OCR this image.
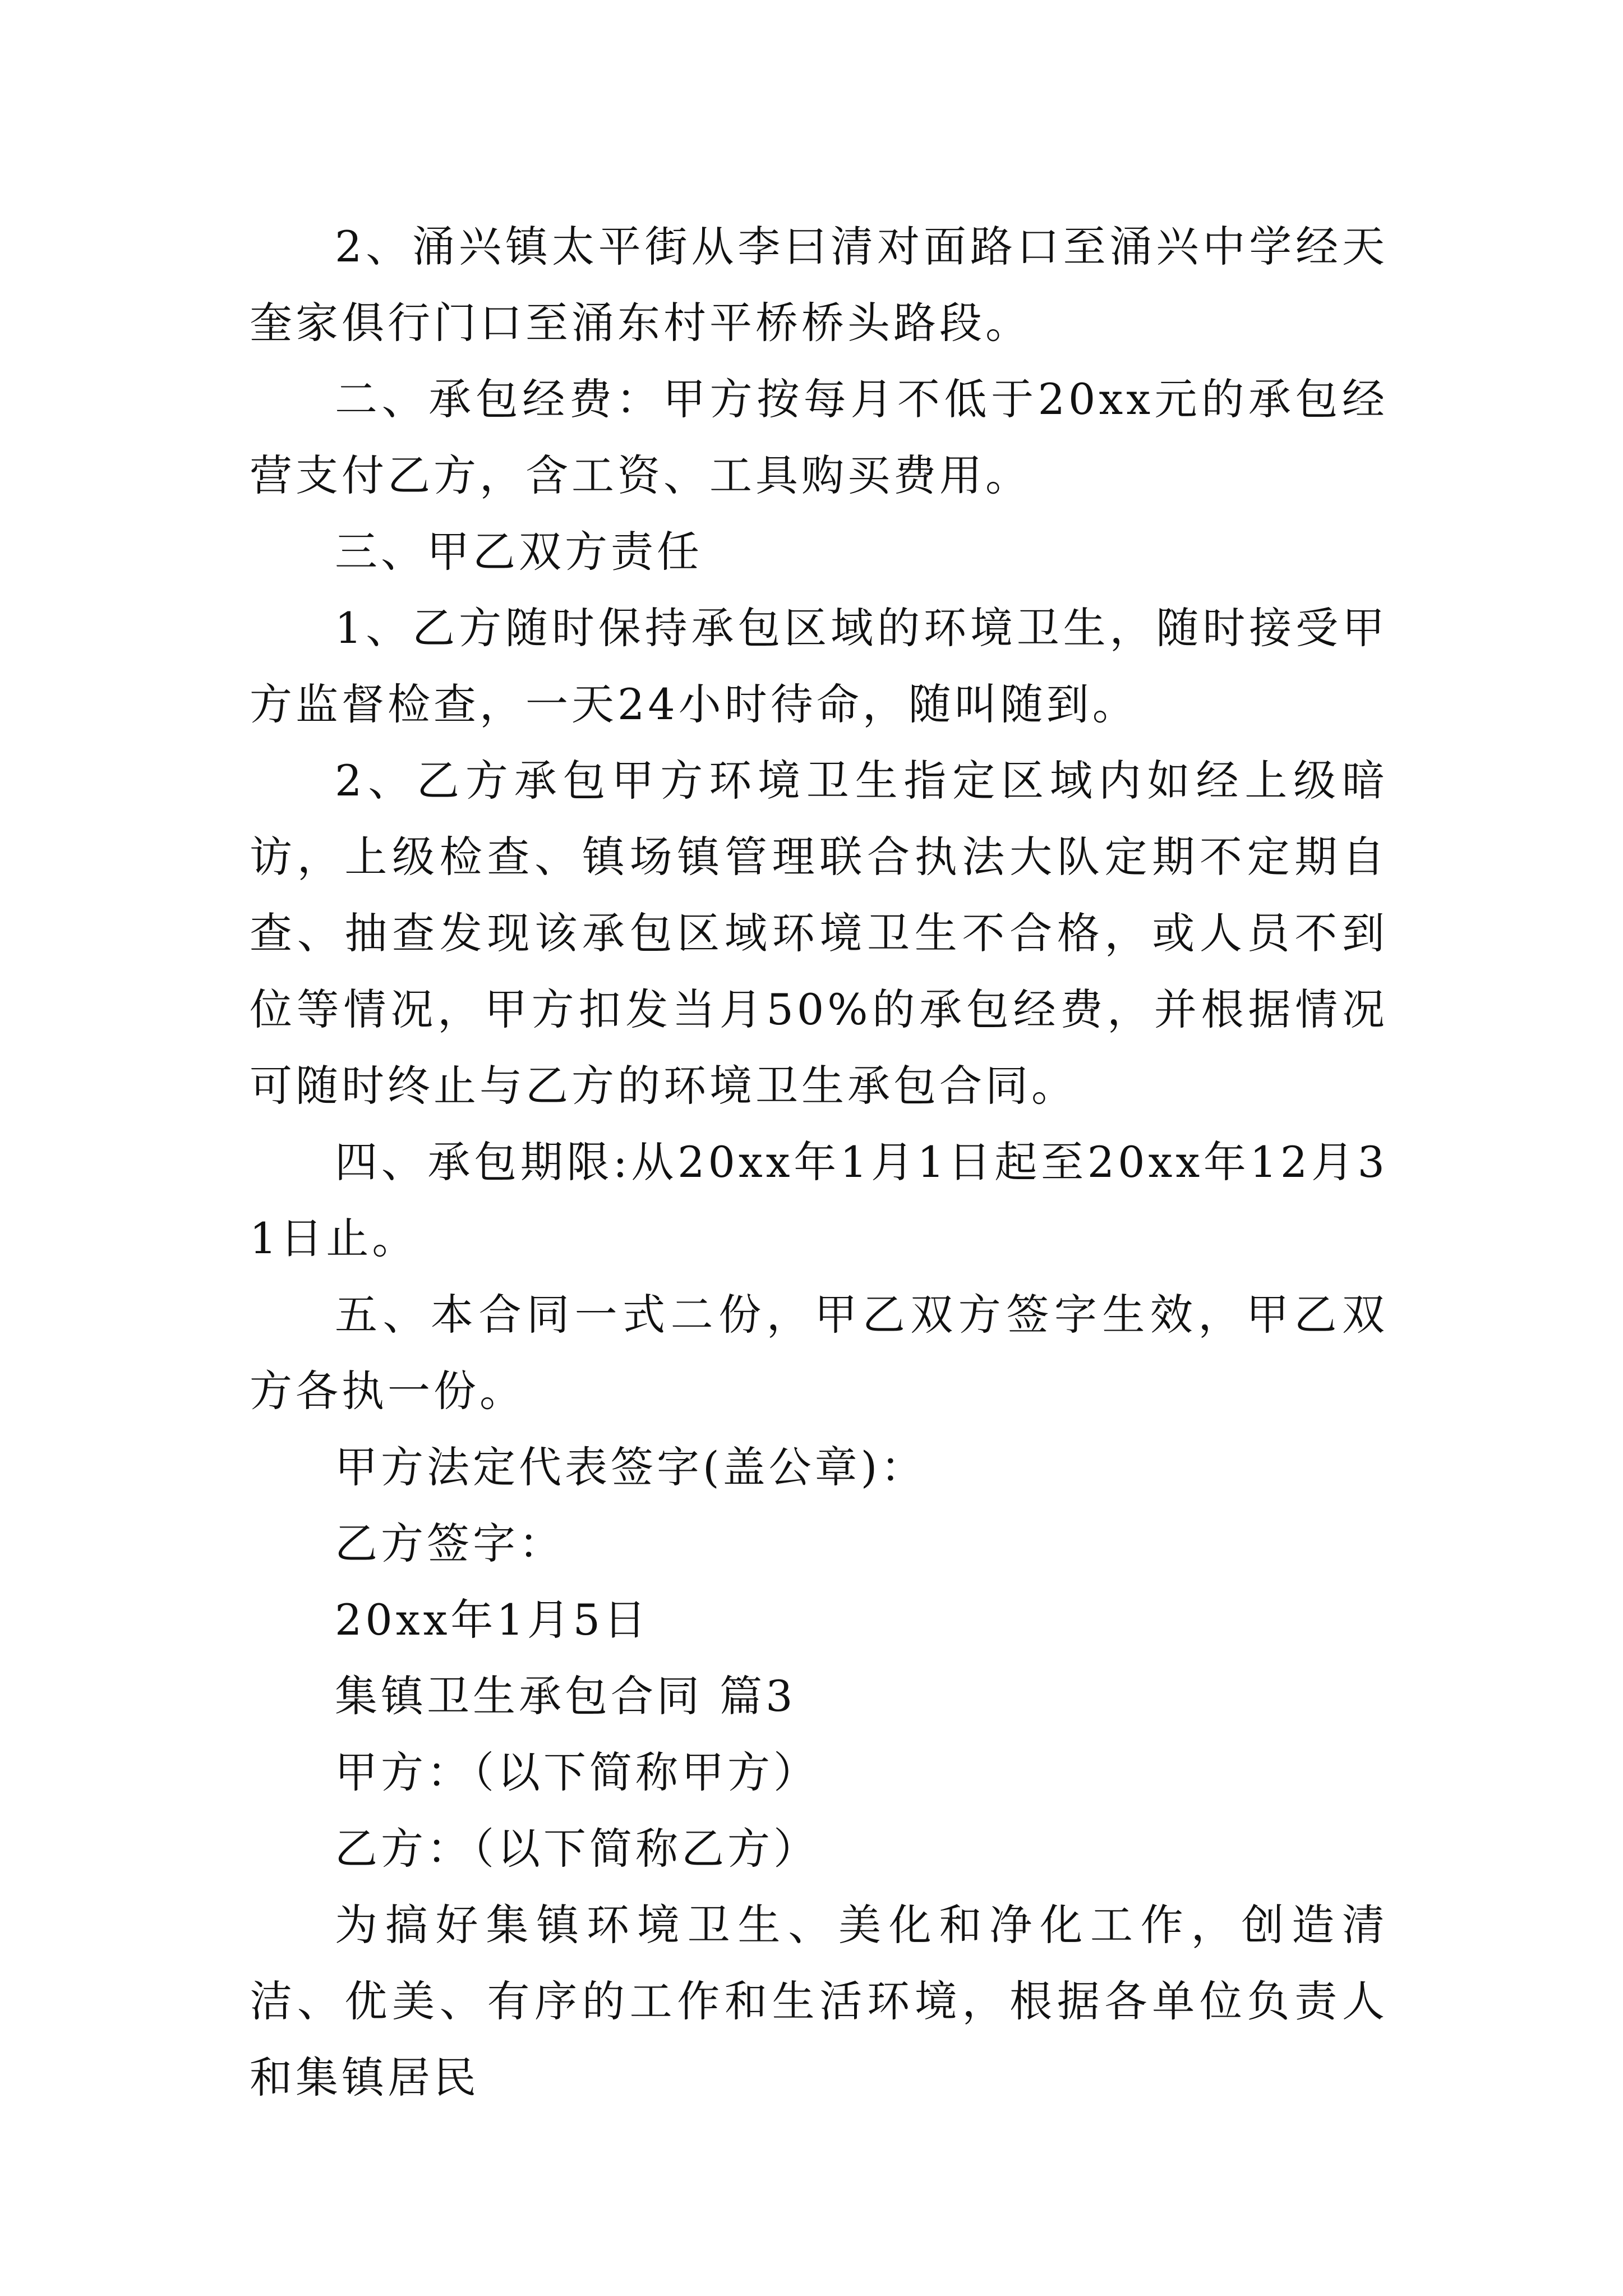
2、涌兴镇太平街从李曰清对面路口至涌兴中学经天奎家俱行门口至涌东村平桥桥头路段。

二、承包经费：甲方按每月不低于20xx元的承包经营支付乙方，含工资、工具购买费用。

三、甲乙双方责任

1、乙方随时保持承包区域的环境卫生，随时接受甲方监督检查，一天24小时待命，随叫随到。

2、乙方承包甲方环境卫生指定区域内如经上级暗访，上级检查、镇场镇管理联合执法大队定期不定期自查、抽查发现该承包区域环境卫生不合格，或人员不到位等情况，甲方扣发当月50%的承包经费，并根据情况可随时终止与乙方的环境卫生承包合同。

四、承包期限:从20xx年1月1日起至20xx年12月31日止。

五、本合同一式二份，甲乙双方签字生效，甲乙双方各执一份。

甲方法定代表签字(盖公章)：

乙方签字：

20xx年1月5日

集镇卫生承包合同 篇3

甲方：（以下简称甲方）

乙方：（以下简称乙方）

为搞好集镇环境卫生、美化和净化工作，创造清洁、优美、有序的工作和生活环境，根据各单位负责人和集镇居民
